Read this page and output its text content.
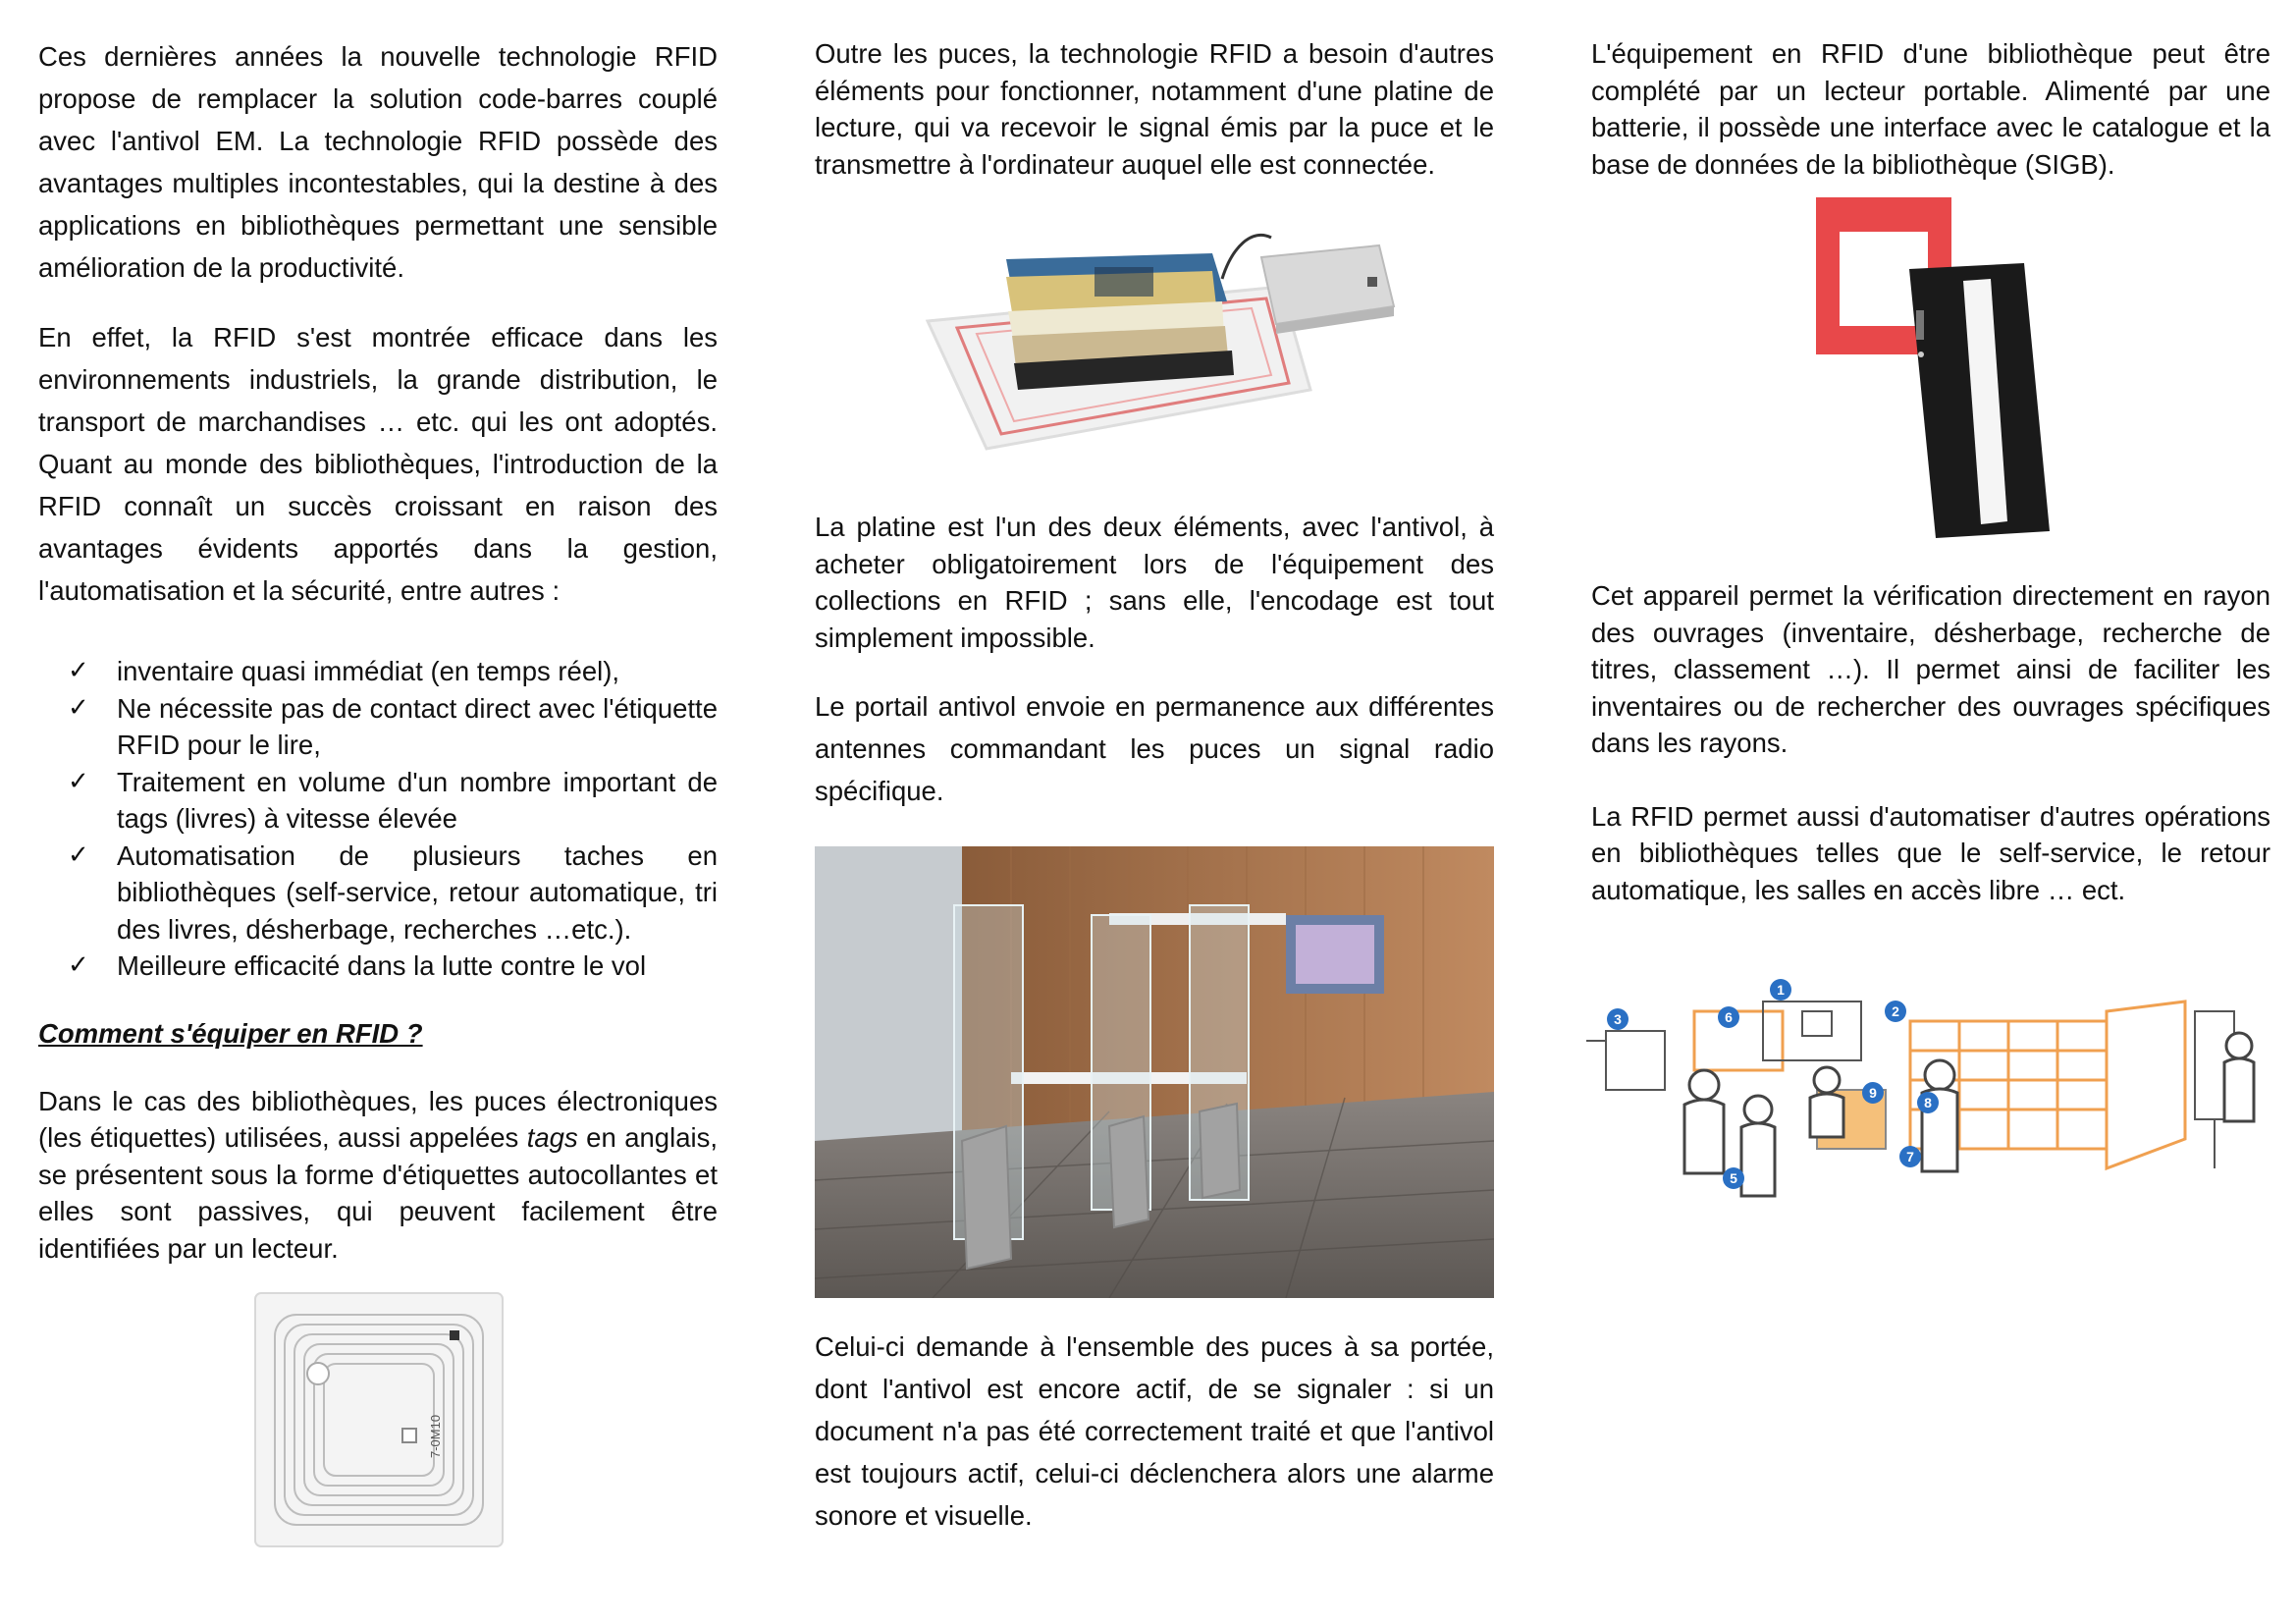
Ces dernières années la nouvelle technologie RFID propose de remplacer la solution code-barres couplé avec l'antivol EM. La technologie RFID possède des avantages multiples incontestables, qui la destine à des applications en bibliothèques permettant une sensible amélioration de la productivité.

En effet, la RFID s'est montrée efficace dans les environnements industriels, la grande distribution, le transport de marchandises … etc. qui les ont adoptés. Quant au monde des bibliothèques, l'introduction de la RFID connaît un succès croissant en raison des avantages évidents apportés dans la gestion, l'automatisation et la sécurité, entre autres :

✓ inventaire quasi immédiat (en temps réel),
✓ Ne nécessite pas de contact direct avec l'étiquette RFID pour le lire,
✓ Traitement en volume d'un nombre important de tags (livres) à vitesse élevée
✓ Automatisation de plusieurs taches en bibliothèques (self-service, retour automatique, tri des livres, désherbage, recherches …etc.).
✓ Meilleure efficacité dans la lutte contre le vol
Comment s'équiper en RFID ?

Dans le cas des bibliothèques, les puces électroniques (les étiquettes) utilisées, aussi appelées tags en anglais, se présentent sous la forme d'étiquettes autocollantes et elles sont passives, qui peuvent facilement être identifiées par un lecteur.

7-0M10

Outre les puces, la technologie RFID a besoin d'autres éléments pour fonctionner, notamment d'une platine de lecture, qui va recevoir le signal émis par la puce et le transmettre à l'ordinateur auquel elle est connectée.

La platine est l'un des deux éléments, avec l'antivol, à acheter obligatoirement lors de l'équipement des collections en RFID ; sans elle, l'encodage est tout simplement impossible.

Le portail antivol envoie en permanence aux différentes antennes commandant les puces un signal radio spécifique.

Celui-ci demande à l'ensemble des puces à sa portée, dont l'antivol est encore actif, de se signaler : si un document n'a pas été correctement traité et que l'antivol est toujours actif, celui-ci déclenchera alors une alarme sonore et visuelle.

L'équipement en RFID d'une bibliothèque peut être complété par un lecteur portable. Alimenté par une batterie, il possède une interface avec le catalogue et la base de données de la bibliothèque (SIGB).

Cet appareil permet la vérification directement en rayon des ouvrages (inventaire, désherbage, recherche de titres, classement …). Il permet ainsi de faciliter les inventaires ou de rechercher des ouvrages spécifiques dans les rayons.

La RFID permet aussi d'automatiser d'autres opérations en bibliothèques telles que le self-service, le retour automatique, les salles en accès libre … ect.

1
2
3
5
6
7
8
9
